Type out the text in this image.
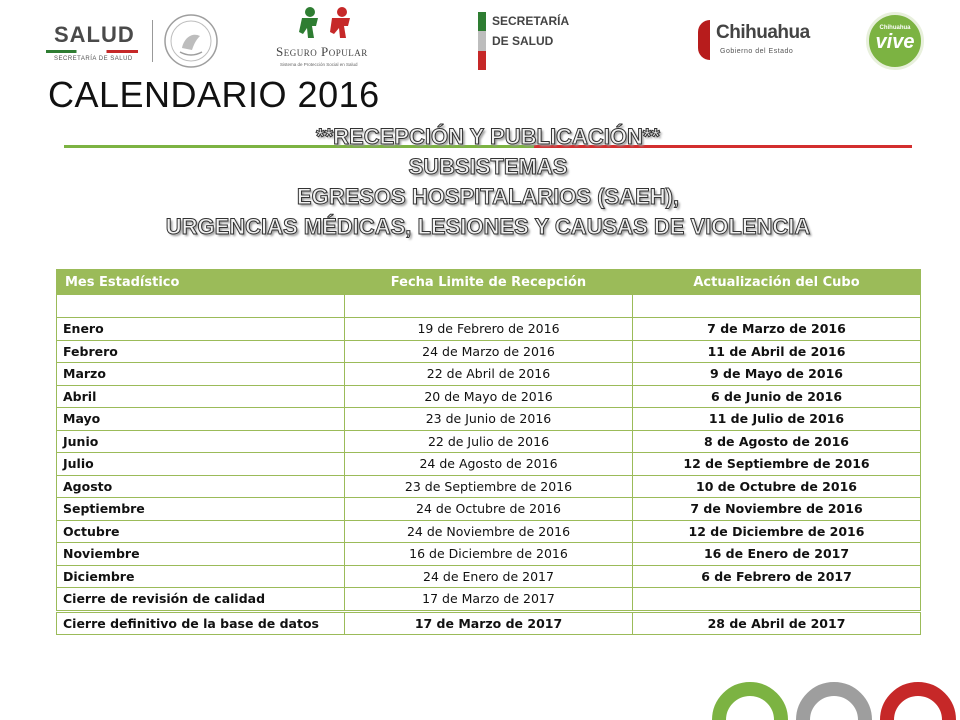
SALUD
SECRETARÍA DE SALUD	Seguro Popular
Sistema de Protección Social en Salud
SECRETARÍA
DE SALUD	Chihuahua
Gobierno del Estado
Chihuahua
vive
CALENDARIO 2016
**RECEPCIÓN Y PUBLICACIÓN**
SUBSISTEMAS
EGRESOS HOSPITALARIOS (SAEH),
URGENCIAS MÉDICAS, LESIONES Y CAUSAS DE VIOLENCIA
Mes Estadístico	Fecha Limite de Recepción	Actualización del Cubo

Enero	19 de Febrero de 2016	7 de Marzo de 2016
Febrero	24 de Marzo de 2016	11 de Abril de 2016
Marzo	22 de Abril de 2016	9 de Mayo de 2016
Abril	20 de Mayo de 2016	6 de Junio de 2016
Mayo	23 de Junio de 2016	11 de Julio de 2016
Junio	22 de Julio de 2016	8 de Agosto de 2016
Julio	24 de Agosto de 2016	12 de Septiembre de 2016
Agosto	23 de Septiembre de 2016	10 de Octubre de 2016
Septiembre	24 de Octubre de 2016	7 de Noviembre de 2016
Octubre	24 de Noviembre de 2016	12 de Diciembre de 2016
Noviembre	16 de Diciembre de 2016	16 de Enero de 2017
Diciembre	24 de Enero de 2017	6 de Febrero de 2017
Cierre de revisión de calidad	17 de Marzo de 2017	
Cierre definitivo de la base de datos	17 de Marzo de 2017	28 de Abril de 2017
